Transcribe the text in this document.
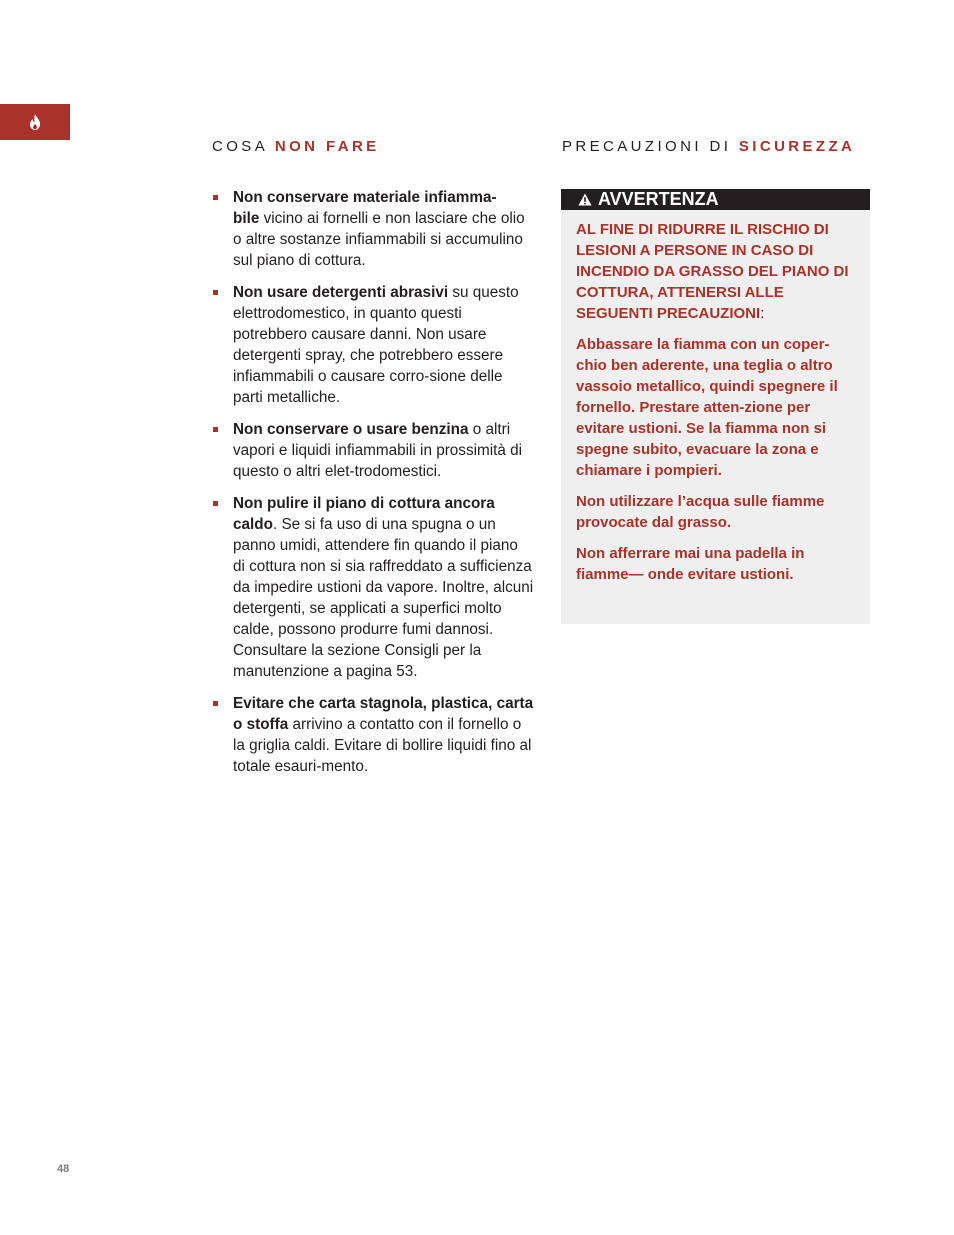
COSA NON FARE	PRECAUZIONI DI SICUREZZA
Non conservare materiale infiamma-
bile vicino ai fornelli e non lasciare che olio o altre sostanze infiammabili si accumulino sul piano di cottura.
Non usare detergenti abrasivi su questo elettrodomestico, in quanto questi potrebbero causare danni. Non usare detergenti spray, che potrebbero essere infiammabili o causare corro-sione delle parti metalliche.
Non conservare o usare benzina o altri vapori e liquidi infiammabili in prossimità di questo o altri elet-trodomestici.
Non pulire il piano di cottura ancora caldo. Se si fa uso di una spugna o un panno umidi, attendere fin quando il piano di cottura non si sia raffreddato a sufficienza da impedire ustioni da vapore. Inoltre, alcuni detergenti, se applicati a superfici molto calde, possono produrre fumi dannosi. Consultare la sezione Consigli per la manutenzione a pagina 53.
Evitare che carta stagnola, plastica, carta o stoffa arrivino a contatto con il fornello o la griglia caldi. Evitare di bollire liquidi fino al totale esauri-mento.
AVVERTENZA

AL FINE DI RIDURRE IL RISCHIO DI LESIONI A PERSONE IN CASO DI INCENDIO DA GRASSO DEL PIANO DI COTTURA, ATTENERSI ALLE SEGUENTI PRECAUZIONI:

Abbassare la fiamma con un coper-chio ben aderente, una teglia o altro vassoio metallico, quindi spegnere il fornello. Prestare atten-zione per evitare ustioni. Se la fiamma non si spegne subito, evacuare la zona e chiamare i pompieri.

Non utilizzare l’acqua sulle fiamme provocate dal grasso.

Non afferrare mai una padella in fiamme— onde evitare ustioni.

48
